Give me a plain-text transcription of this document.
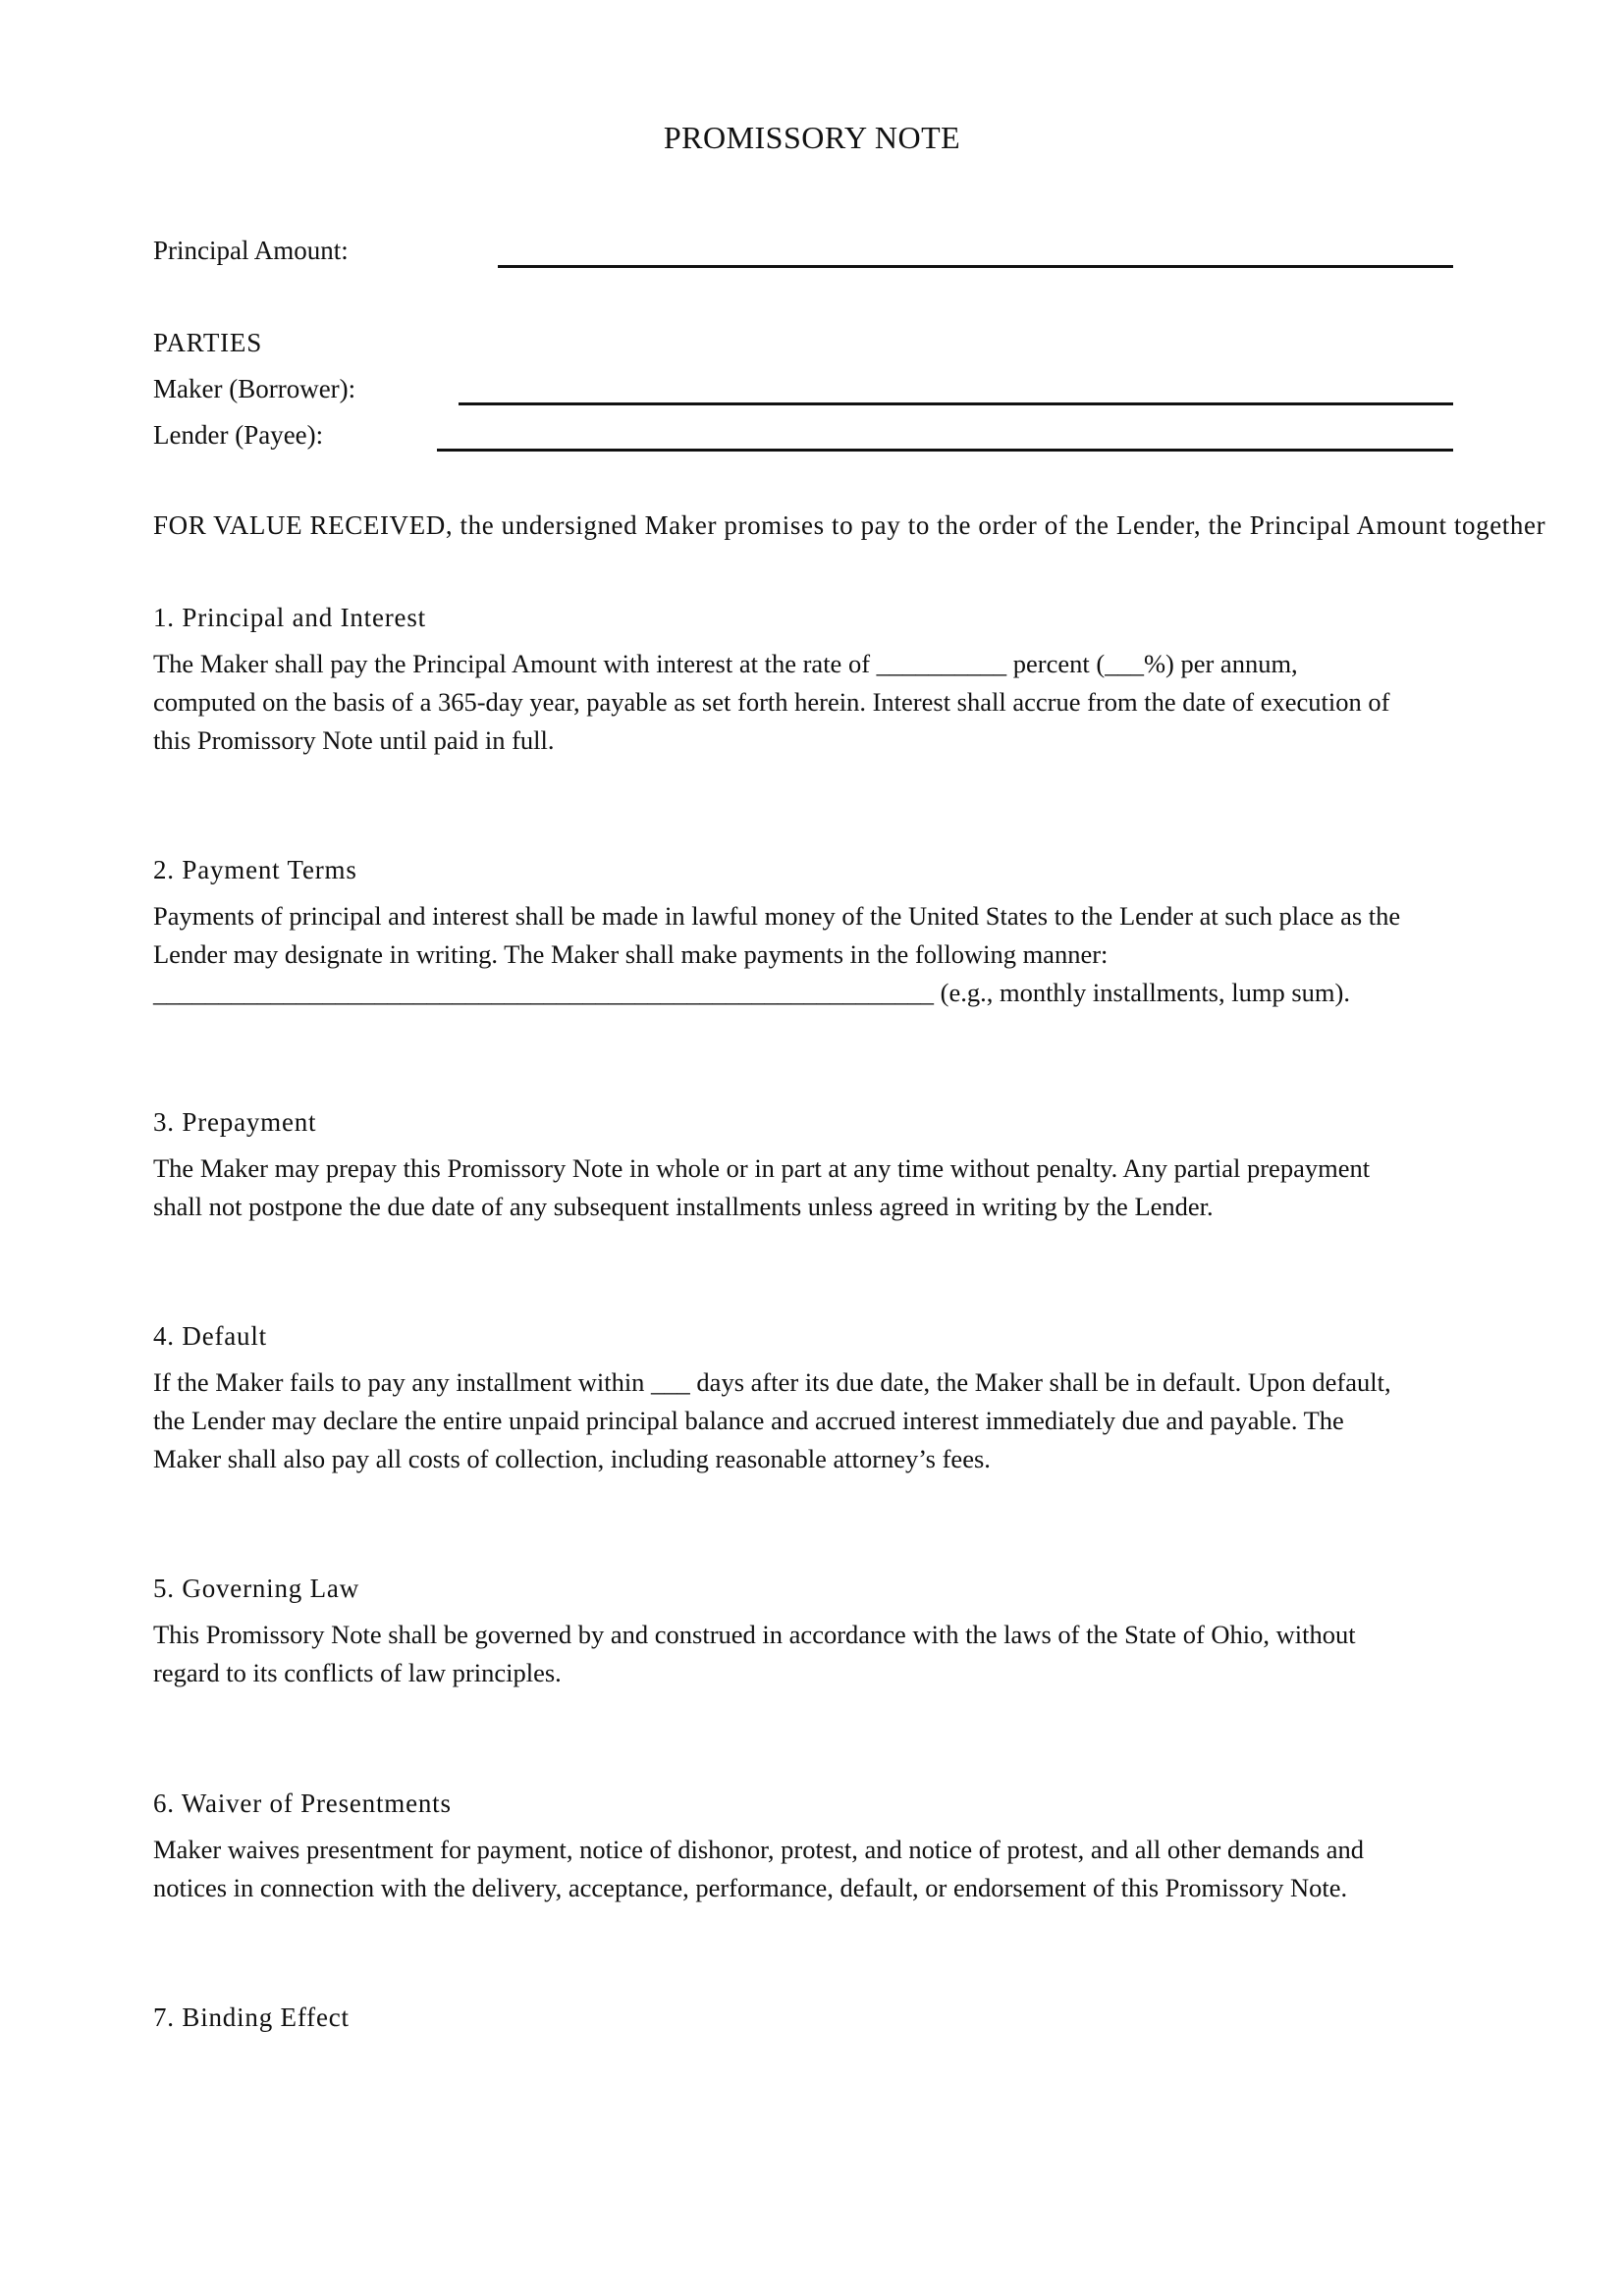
PROMISSORY NOTE
Principal Amount:
PARTIES
Maker (Borrower):
Lender (Payee):
FOR VALUE RECEIVED, the undersigned Maker promises to pay to the order of the Lender, the Principal Amount together
1. Principal and Interest
The Maker shall pay the Principal Amount with interest at the rate of __________ percent (___%) per annum,
computed on the basis of a 365-day year, payable as set forth herein. Interest shall accrue from the date of execution of
this Promissory Note until paid in full.
2. Payment Terms
Payments of principal and interest shall be made in lawful money of the United States to the Lender at such place as the
Lender may designate in writing. The Maker shall make payments in the following manner:
____________________________________________________________ (e.g., monthly installments, lump sum).
3. Prepayment
The Maker may prepay this Promissory Note in whole or in part at any time without penalty. Any partial prepayment
shall not postpone the due date of any subsequent installments unless agreed in writing by the Lender.
4. Default
If the Maker fails to pay any installment within ___ days after its due date, the Maker shall be in default. Upon default,
the Lender may declare the entire unpaid principal balance and accrued interest immediately due and payable. The
Maker shall also pay all costs of collection, including reasonable attorney’s fees.
5. Governing Law
This Promissory Note shall be governed by and construed in accordance with the laws of the State of Ohio, without
regard to its conflicts of law principles.
6. Waiver of Presentments
Maker waives presentment for payment, notice of dishonor, protest, and notice of protest, and all other demands and
notices in connection with the delivery, acceptance, performance, default, or endorsement of this Promissory Note.
7. Binding Effect
